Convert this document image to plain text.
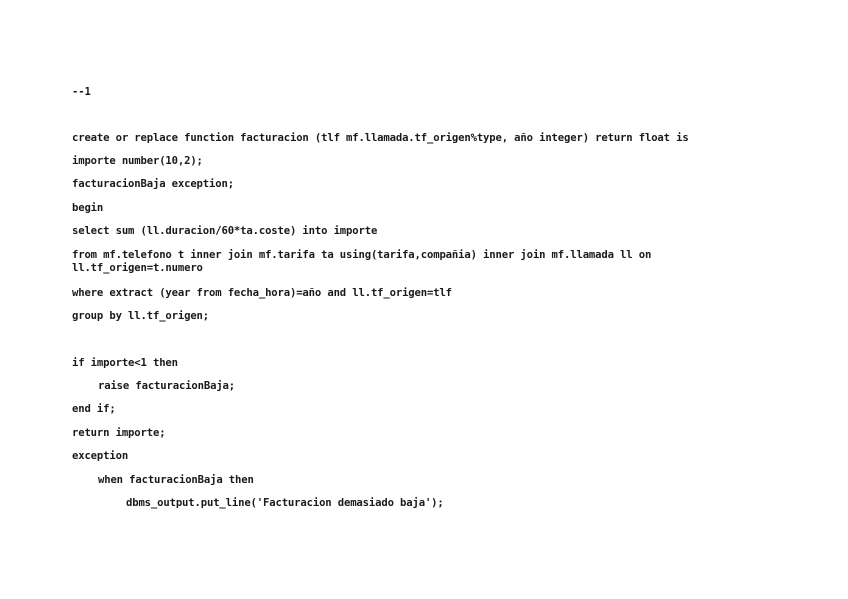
--1
create or replace function facturacion (tlf mf.llamada.tf_origen%type, año integer) return float is
importe number(10,2);
facturacionBaja exception;
begin
select sum (ll.duracion/60*ta.coste) into importe
from mf.telefono t inner join mf.tarifa ta using(tarifa,compañia) inner join mf.llamada ll on ll.tf_origen=t.numero
where extract (year from fecha_hora)=año and ll.tf_origen=tlf
group by ll.tf_origen;
if importe<1 then
raise facturacionBaja;
end if;
return importe;
exception
when facturacionBaja then
dbms_output.put_line('Facturacion demasiado baja');
